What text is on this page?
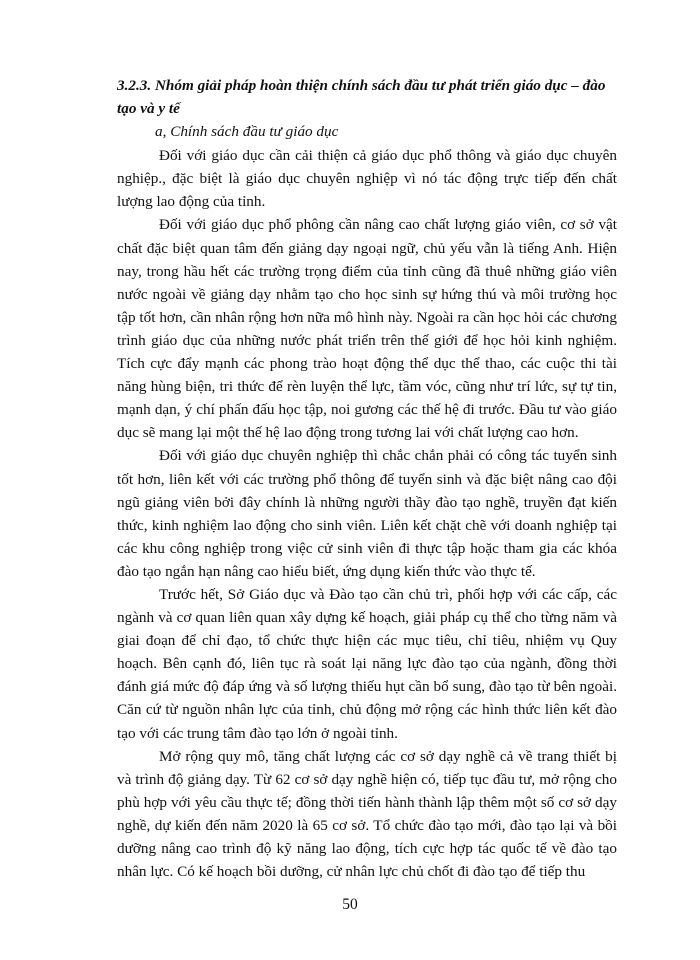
3.2.3. Nhóm giải pháp hoàn thiện chính sách đầu tư phát triển giáo dục – đào tạo và y tế

a, Chính sách đầu tư giáo dục

Đối với giáo dục cần cải thiện cả giáo dục phổ thông và giáo dục chuyên nghiệp., đặc biệt là giáo dục chuyên nghiệp vì nó tác động trực tiếp đến chất lượng lao động của tỉnh.

Đối với giáo dục phổ phông cần nâng cao chất lượng giáo viên, cơ sở vật chất đặc biệt quan tâm đến giảng dạy ngoại ngữ, chủ yếu vẫn là tiếng Anh. Hiện nay, trong hầu hết các trường trọng điểm của tỉnh cũng đã thuê những giáo viên nước ngoài về giảng dạy nhằm tạo cho học sinh sự hứng thú và môi trường học tập tốt hơn, cần nhân rộng hơn nữa mô hình này. Ngoài ra cần học hỏi các chương trình giáo dục của những nước phát triển trên thế giới để học hỏi kinh nghiệm. Tích cực đẩy mạnh các phong trào hoạt động thể dục thể thao, các cuộc thi tài năng hùng biện, tri thức để rèn luyện thể lực, tầm vóc, cũng như trí lức, sự tự tin, mạnh dạn, ý chí phấn đấu học tập, noi gương các thế hệ đi trước. Đầu tư vào giáo dục sẽ mang lại một thế hệ lao động trong tương lai với chất lượng cao hơn.

Đối với giáo dục chuyên nghiệp thì chắc chắn phải có công tác tuyển sinh tốt hơn, liên kết với các trường phổ thông để tuyển sinh và đặc biệt nâng cao đội ngũ giảng viên bởi đây chính là những người thầy đào tạo nghề, truyền đạt kiến thức, kinh nghiệm lao động cho sinh viên. Liên kết chặt chẽ với doanh nghiệp tại các khu công nghiệp trong việc cử sinh viên đi thực tập hoặc tham gia các khóa đào tạo ngắn hạn nâng cao hiểu biết, ứng dụng kiến thức vào thực tế.

Trước hết, Sở Giáo dục và Đào tạo cần chủ trì, phối hợp với các cấp, các ngành và cơ quan liên quan xây dựng kế hoạch, giải pháp cụ thể cho từng năm và giai đoạn để chỉ đạo, tổ chức thực hiện các mục tiêu, chỉ tiêu, nhiệm vụ Quy hoạch. Bên cạnh đó, liên tục rà soát lại năng lực đào tạo của ngành, đồng thời đánh giá mức độ đáp ứng và số lượng thiếu hụt cần bổ sung, đào tạo từ bên ngoài. Căn cứ từ nguồn nhân lực của tỉnh, chủ động mở rộng các hình thức liên kết đào tạo với các trung tâm đào tạo lớn ở ngoài tỉnh.

Mở rộng quy mô, tăng chất lượng các cơ sở dạy nghề cả về trang thiết bị và trình độ giảng dạy. Từ 62 cơ sở dạy nghề hiện có, tiếp tục đầu tư, mở rộng cho phù hợp với yêu cầu thực tế; đồng thời tiến hành thành lập thêm một số cơ sở dạy nghề, dự kiến đến năm 2020 là 65 cơ sở. Tổ chức đào tạo mới, đào tạo lại và bồi dưỡng nâng cao trình độ kỹ năng lao động, tích cực hợp tác quốc tế về đào tạo nhân lực. Có kế hoạch bồi dưỡng, cử nhân lực chủ chốt đi đào tạo để tiếp thu

50
